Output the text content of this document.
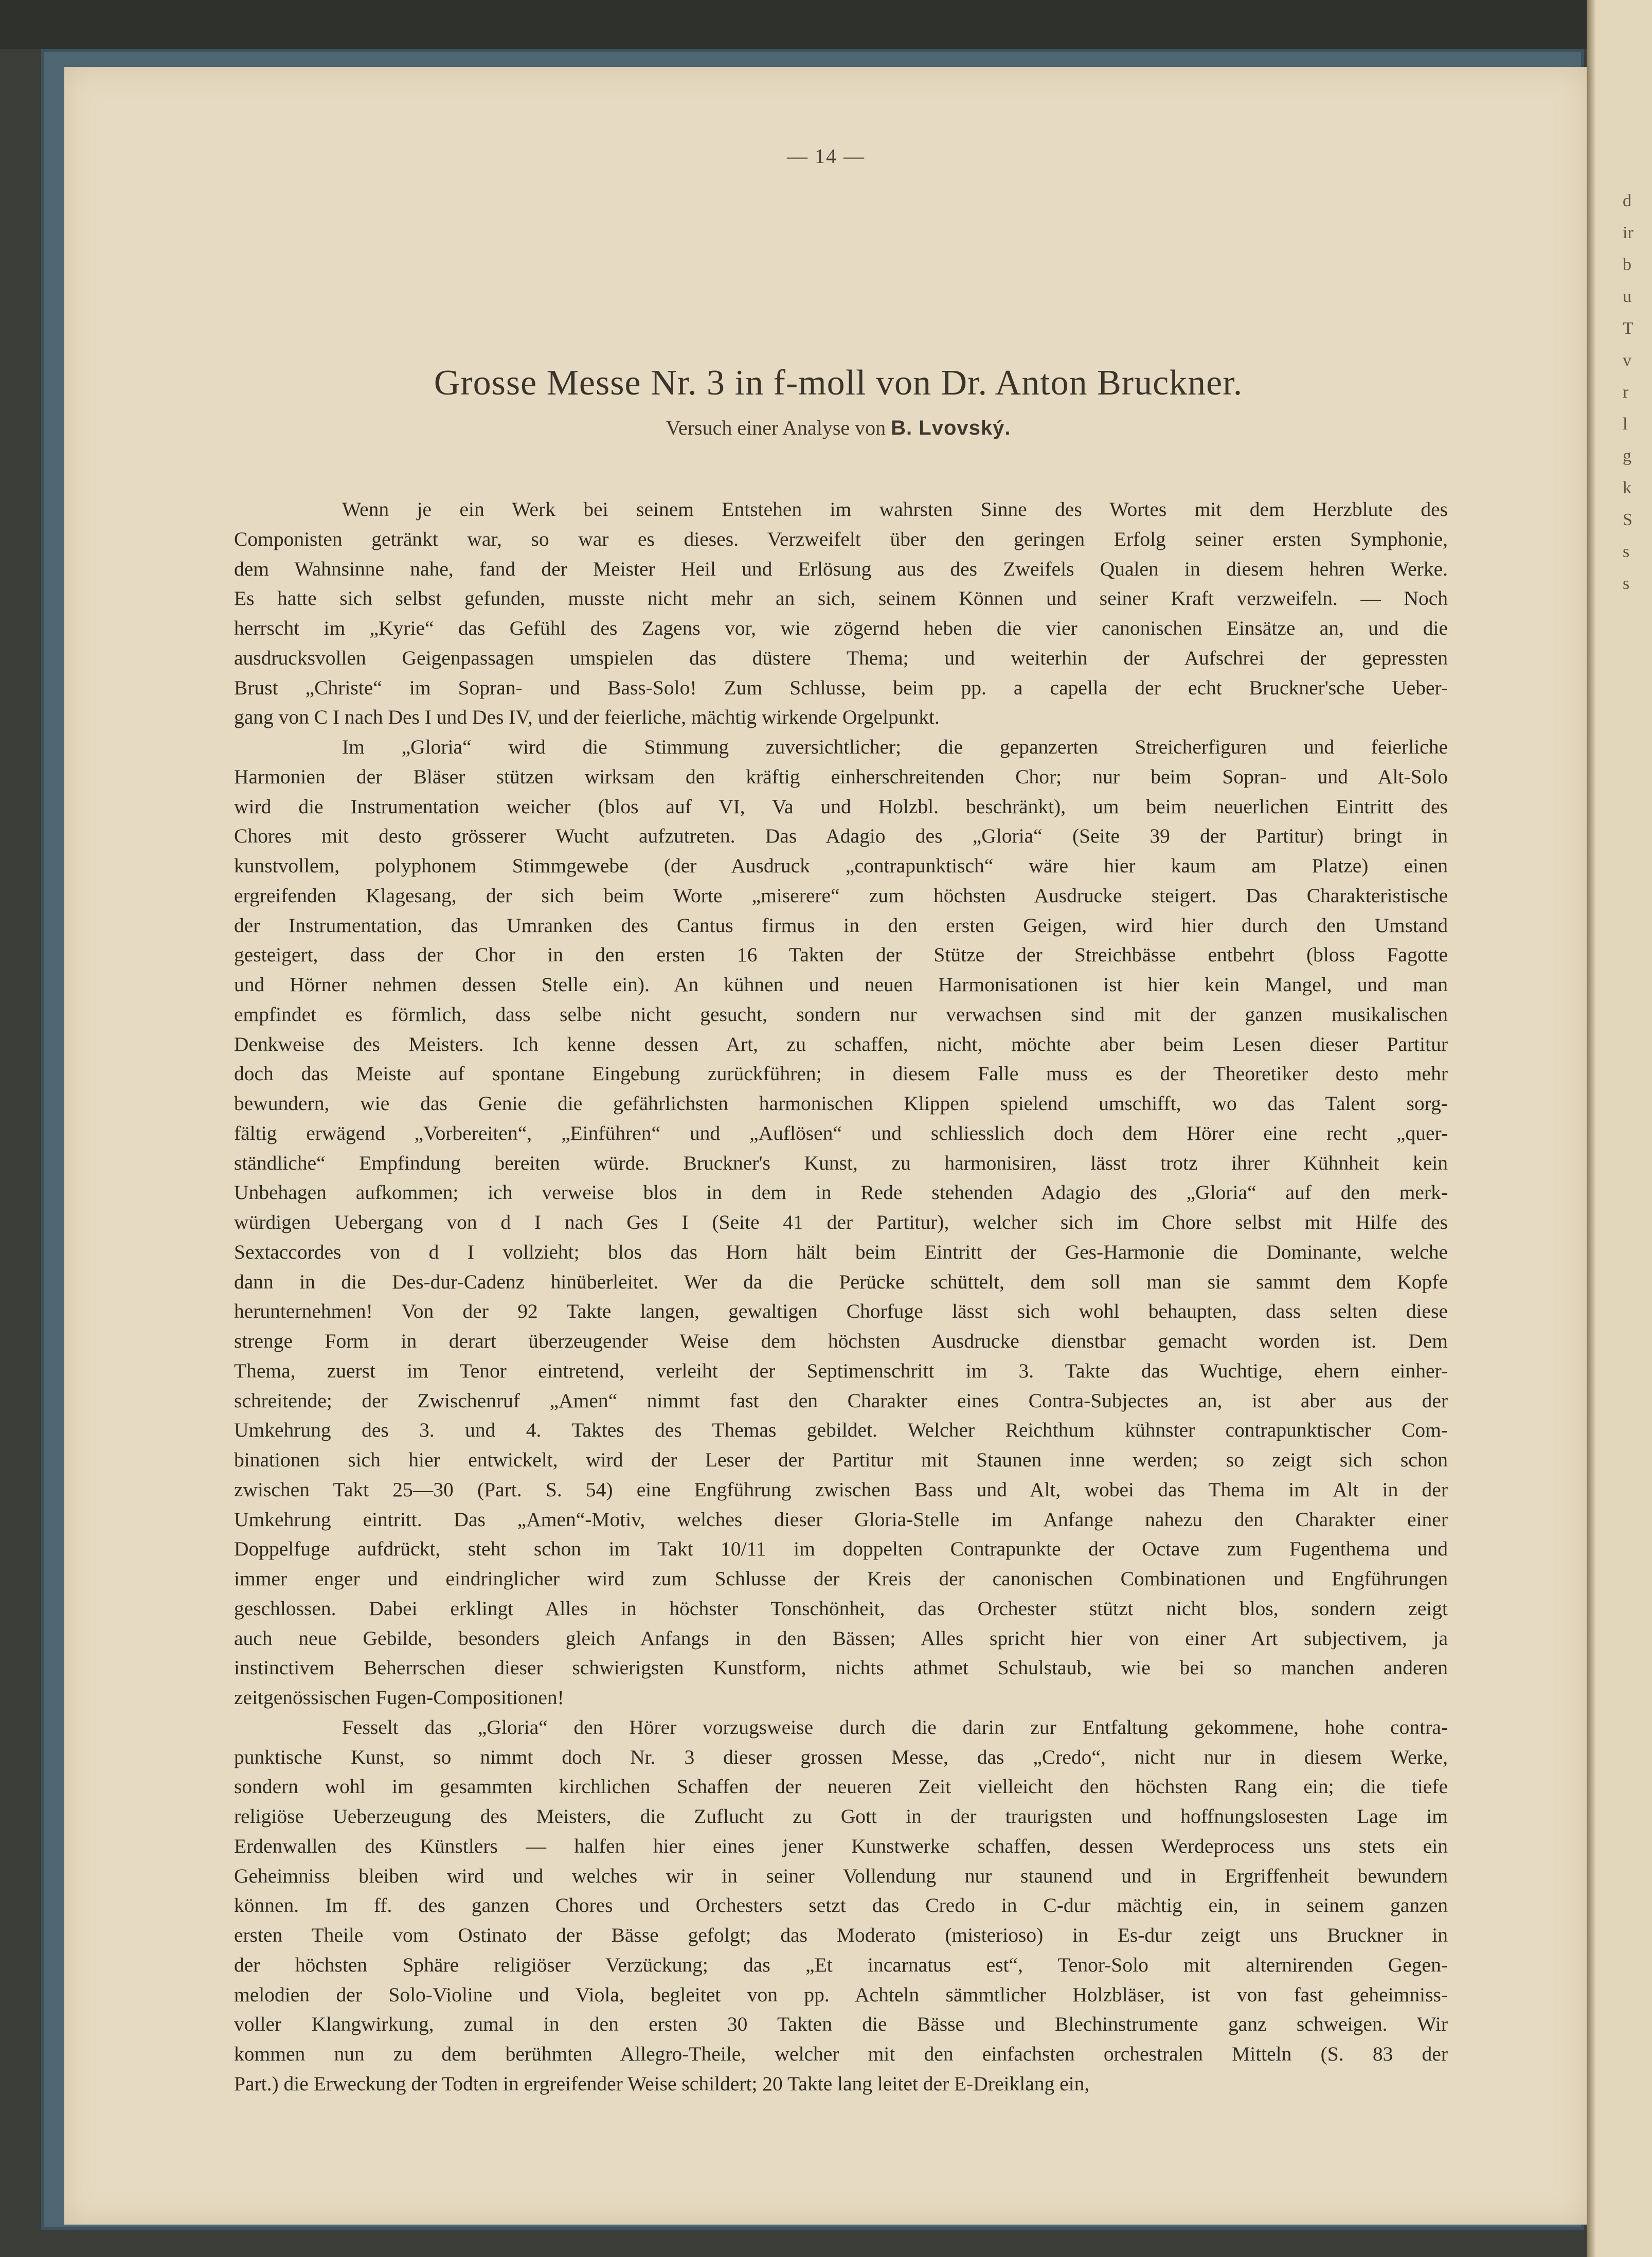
d
ir
b
u
T
v
r
l
g
k
S
s
s
— 14 —
Grosse Messe Nr. 3 in f-moll von Dr. Anton Bruckner.
Versuch einer Analyse von B. Lvovský.
Wenn je ein Werk bei seinem Entstehen im wahrsten Sinne des Wortes mit dem Herzblute des
Componisten getränkt war, so war es dieses. Verzweifelt über den geringen Erfolg seiner ersten Symphonie,
dem Wahnsinne nahe, fand der Meister Heil und Erlösung aus des Zweifels Qualen in diesem hehren Werke.
Es hatte sich selbst gefunden, musste nicht mehr an sich, seinem Können und seiner Kraft verzweifeln. — Noch
herrscht im „Kyrie“ das Gefühl des Zagens vor, wie zögernd heben die vier canonischen Einsätze an, und die
ausdrucksvollen Geigenpassagen umspielen das düstere Thema; und weiterhin der Aufschrei der gepressten
Brust „Christe“ im Sopran- und Bass-Solo! Zum Schlusse, beim pp. a capella der echt Bruckner'sche Ueber-
gang von C I nach Des I und Des IV, und der feierliche, mächtig wirkende Orgelpunkt.
Im „Gloria“ wird die Stimmung zuversichtlicher; die gepanzerten Streicherfiguren und feierliche
Harmonien der Bläser stützen wirksam den kräftig einherschreitenden Chor; nur beim Sopran- und Alt-Solo
wird die Instrumentation weicher (blos auf VI, Va und Holzbl. beschränkt), um beim neuerlichen Eintritt des
Chores mit desto grösserer Wucht aufzutreten. Das Adagio des „Gloria“ (Seite 39 der Partitur) bringt in
kunstvollem, polyphonem Stimmgewebe (der Ausdruck „contrapunktisch“ wäre hier kaum am Platze) einen
ergreifenden Klagesang, der sich beim Worte „miserere“ zum höchsten Ausdrucke steigert. Das Charakteristische
der Instrumentation, das Umranken des Cantus firmus in den ersten Geigen, wird hier durch den Umstand
gesteigert, dass der Chor in den ersten 16 Takten der Stütze der Streichbässe entbehrt (bloss Fagotte
und Hörner nehmen dessen Stelle ein). An kühnen und neuen Harmonisationen ist hier kein Mangel, und man
empfindet es förmlich, dass selbe nicht gesucht, sondern nur verwachsen sind mit der ganzen musikalischen
Denkweise des Meisters. Ich kenne dessen Art, zu schaffen, nicht, möchte aber beim Lesen dieser Partitur
doch das Meiste auf spontane Eingebung zurückführen; in diesem Falle muss es der Theoretiker desto mehr
bewundern, wie das Genie die gefährlichsten harmonischen Klippen spielend umschifft, wo das Talent sorg-
fältig erwägend „Vorbereiten“, „Einführen“ und „Auflösen“ und schliesslich doch dem Hörer eine recht „quer-
ständliche“ Empfindung bereiten würde. Bruckner's Kunst, zu harmonisiren, lässt trotz ihrer Kühnheit kein
Unbehagen aufkommen; ich verweise blos in dem in Rede stehenden Adagio des „Gloria“ auf den merk-
würdigen Uebergang von d I nach Ges I (Seite 41 der Partitur), welcher sich im Chore selbst mit Hilfe des
Sextaccordes von d I vollzieht; blos das Horn hält beim Eintritt der Ges-Harmonie die Dominante, welche
dann in die Des-dur-Cadenz hinüberleitet. Wer da die Perücke schüttelt, dem soll man sie sammt dem Kopfe
herunternehmen! Von der 92 Takte langen, gewaltigen Chorfuge lässt sich wohl behaupten, dass selten diese
strenge Form in derart überzeugender Weise dem höchsten Ausdrucke dienstbar gemacht worden ist. Dem
Thema, zuerst im Tenor eintretend, verleiht der Septimenschritt im 3. Takte das Wuchtige, ehern einher-
schreitende; der Zwischenruf „Amen“ nimmt fast den Charakter eines Contra-Subjectes an, ist aber aus der
Umkehrung des 3. und 4. Taktes des Themas gebildet. Welcher Reichthum kühnster contrapunktischer Com-
binationen sich hier entwickelt, wird der Leser der Partitur mit Staunen inne werden; so zeigt sich schon
zwischen Takt 25—30 (Part. S. 54) eine Engführung zwischen Bass und Alt, wobei das Thema im Alt in der
Umkehrung eintritt. Das „Amen“-Motiv, welches dieser Gloria-Stelle im Anfange nahezu den Charakter einer
Doppelfuge aufdrückt, steht schon im Takt 10/11 im doppelten Contrapunkte der Octave zum Fugenthema und
immer enger und eindringlicher wird zum Schlusse der Kreis der canonischen Combinationen und Engführungen
geschlossen. Dabei erklingt Alles in höchster Tonschönheit, das Orchester stützt nicht blos, sondern zeigt
auch neue Gebilde, besonders gleich Anfangs in den Bässen; Alles spricht hier von einer Art subjectivem, ja
instinctivem Beherrschen dieser schwierigsten Kunstform, nichts athmet Schulstaub, wie bei so manchen anderen
zeitgenössischen Fugen-Compositionen!
Fesselt das „Gloria“ den Hörer vorzugsweise durch die darin zur Entfaltung gekommene, hohe contra-
punktische Kunst, so nimmt doch Nr. 3 dieser grossen Messe, das „Credo“, nicht nur in diesem Werke,
sondern wohl im gesammten kirchlichen Schaffen der neueren Zeit vielleicht den höchsten Rang ein; die tiefe
religiöse Ueberzeugung des Meisters, die Zuflucht zu Gott in der traurigsten und hoffnungslosesten Lage im
Erdenwallen des Künstlers — halfen hier eines jener Kunstwerke schaffen, dessen Werdeprocess uns stets ein
Geheimniss bleiben wird und welches wir in seiner Vollendung nur staunend und in Ergriffenheit bewundern
können. Im ff. des ganzen Chores und Orchesters setzt das Credo in C-dur mächtig ein, in seinem ganzen
ersten Theile vom Ostinato der Bässe gefolgt; das Moderato (misterioso) in Es-dur zeigt uns Bruckner in
der höchsten Sphäre religiöser Verzückung; das „Et incarnatus est“, Tenor-Solo mit alternirenden Gegen-
melodien der Solo-Violine und Viola, begleitet von pp. Achteln sämmtlicher Holzbläser, ist von fast geheimniss-
voller Klangwirkung, zumal in den ersten 30 Takten die Bässe und Blechinstrumente ganz schweigen. Wir
kommen nun zu dem berühmten Allegro-Theile, welcher mit den einfachsten orchestralen Mitteln (S. 83 der
Part.) die Erweckung der Todten in ergreifender Weise schildert; 20 Takte lang leitet der E-Dreiklang ein,
